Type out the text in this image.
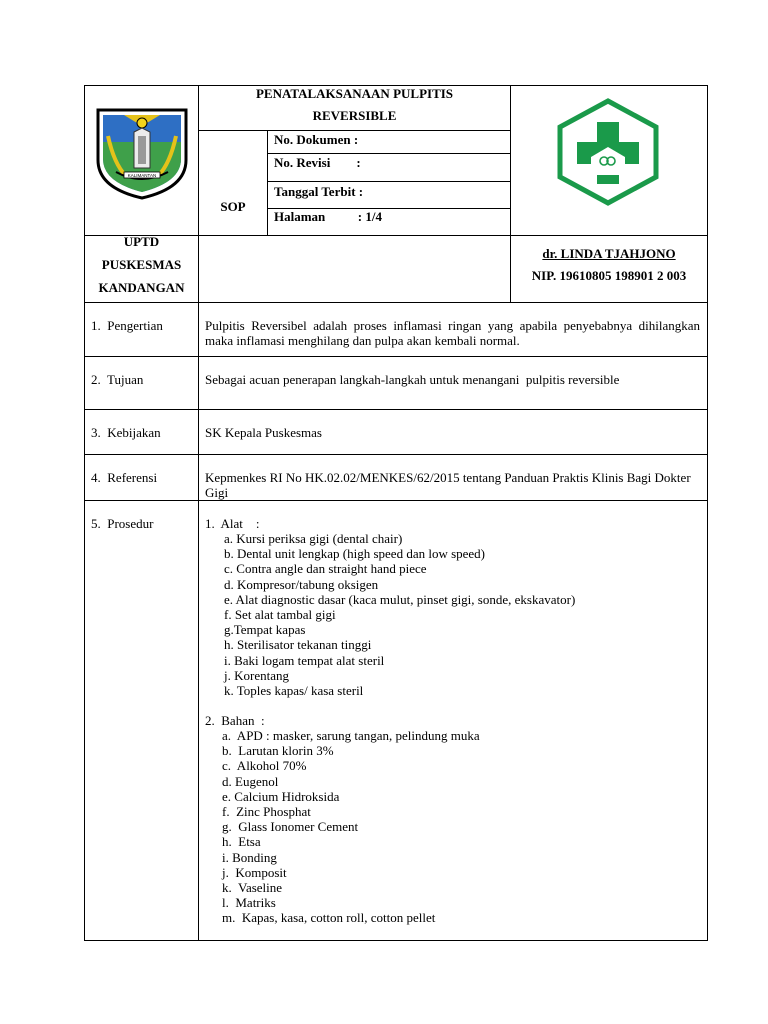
KALIMANTAN
PENATALAKSANAAN PULPITIS
REVERSIBLE
SOP
No. Dokumen :
No. Revisi        :
Tanggal Terbit :
Halaman          : 1/4
UPTD
PUSKESMAS
KANDANGAN
dr. LINDA TJAHJONO
NIP. 19610805 198901 2 003
1.  Pengertian	Pulpitis Reversibel adalah proses inflamasi ringan yang apabila penyebabnya dihilangkan maka inflamasi menghilang dan pulpa akan kembali normal.
2.  Tujuan	Sebagai acuan penerapan langkah-langkah untuk menangani  pulpitis reversible
3.  Kebijakan	SK Kepala Puskesmas
4.  Referensi	Kepmenkes RI No HK.02.02/MENKES/62/2015 tentang Panduan Praktis Klinis Bagi Dokter Gigi
5.  Prosedur	1.  Alat    :
a. Kursi periksa gigi (dental chair)
b. Dental unit lengkap (high speed dan low speed)
c. Contra angle dan straight hand piece
d. Kompresor/tabung oksigen
e. Alat diagnostic dasar (kaca mulut, pinset gigi, sonde, ekskavator)
f. Set alat tambal gigi
g.Tempat kapas
h. Sterilisator tekanan tinggi
i. Baki logam tempat alat steril
j. Korentang
k. Toples kapas/ kasa steril
2.  Bahan  :
a.  APD : masker, sarung tangan, pelindung muka
b.  Larutan klorin 3%
c.  Alkohol 70%
d. Eugenol
e. Calcium Hidroksida
f.  Zinc Phosphat
g.  Glass Ionomer Cement
h.  Etsa
i. Bonding
j.  Komposit
k.  Vaseline
l.  Matriks
m.  Kapas, kasa, cotton roll, cotton pellet
